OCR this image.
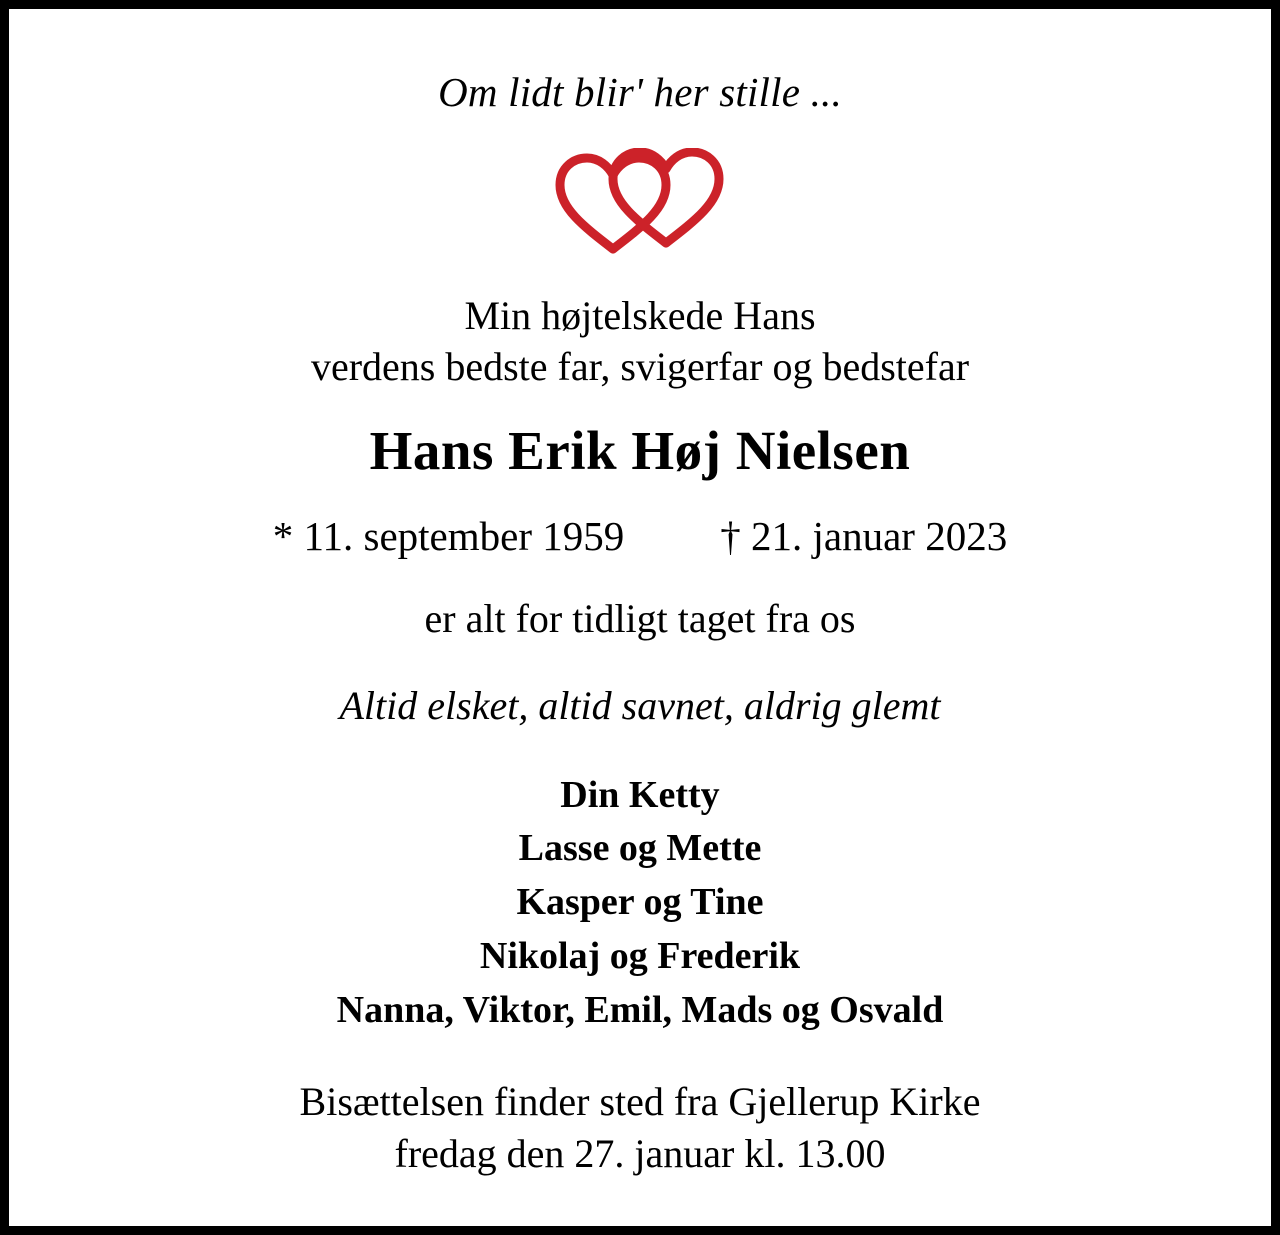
Om lidt blir' her stille ...
Min højtelskede Hans
verdens bedste far, svigerfar og bedstefar
Hans Erik Høj Nielsen
* 11. september 1959 † 21. januar 2023
er alt for tidligt taget fra os
Altid elsket, altid savnet, aldrig glemt
Din Ketty
Lasse og Mette
Kasper og Tine
Nikolaj og Frederik
Nanna, Viktor, Emil, Mads og Osvald
Bisættelsen finder sted fra Gjellerup Kirke
fredag den 27. januar kl. 13.00
